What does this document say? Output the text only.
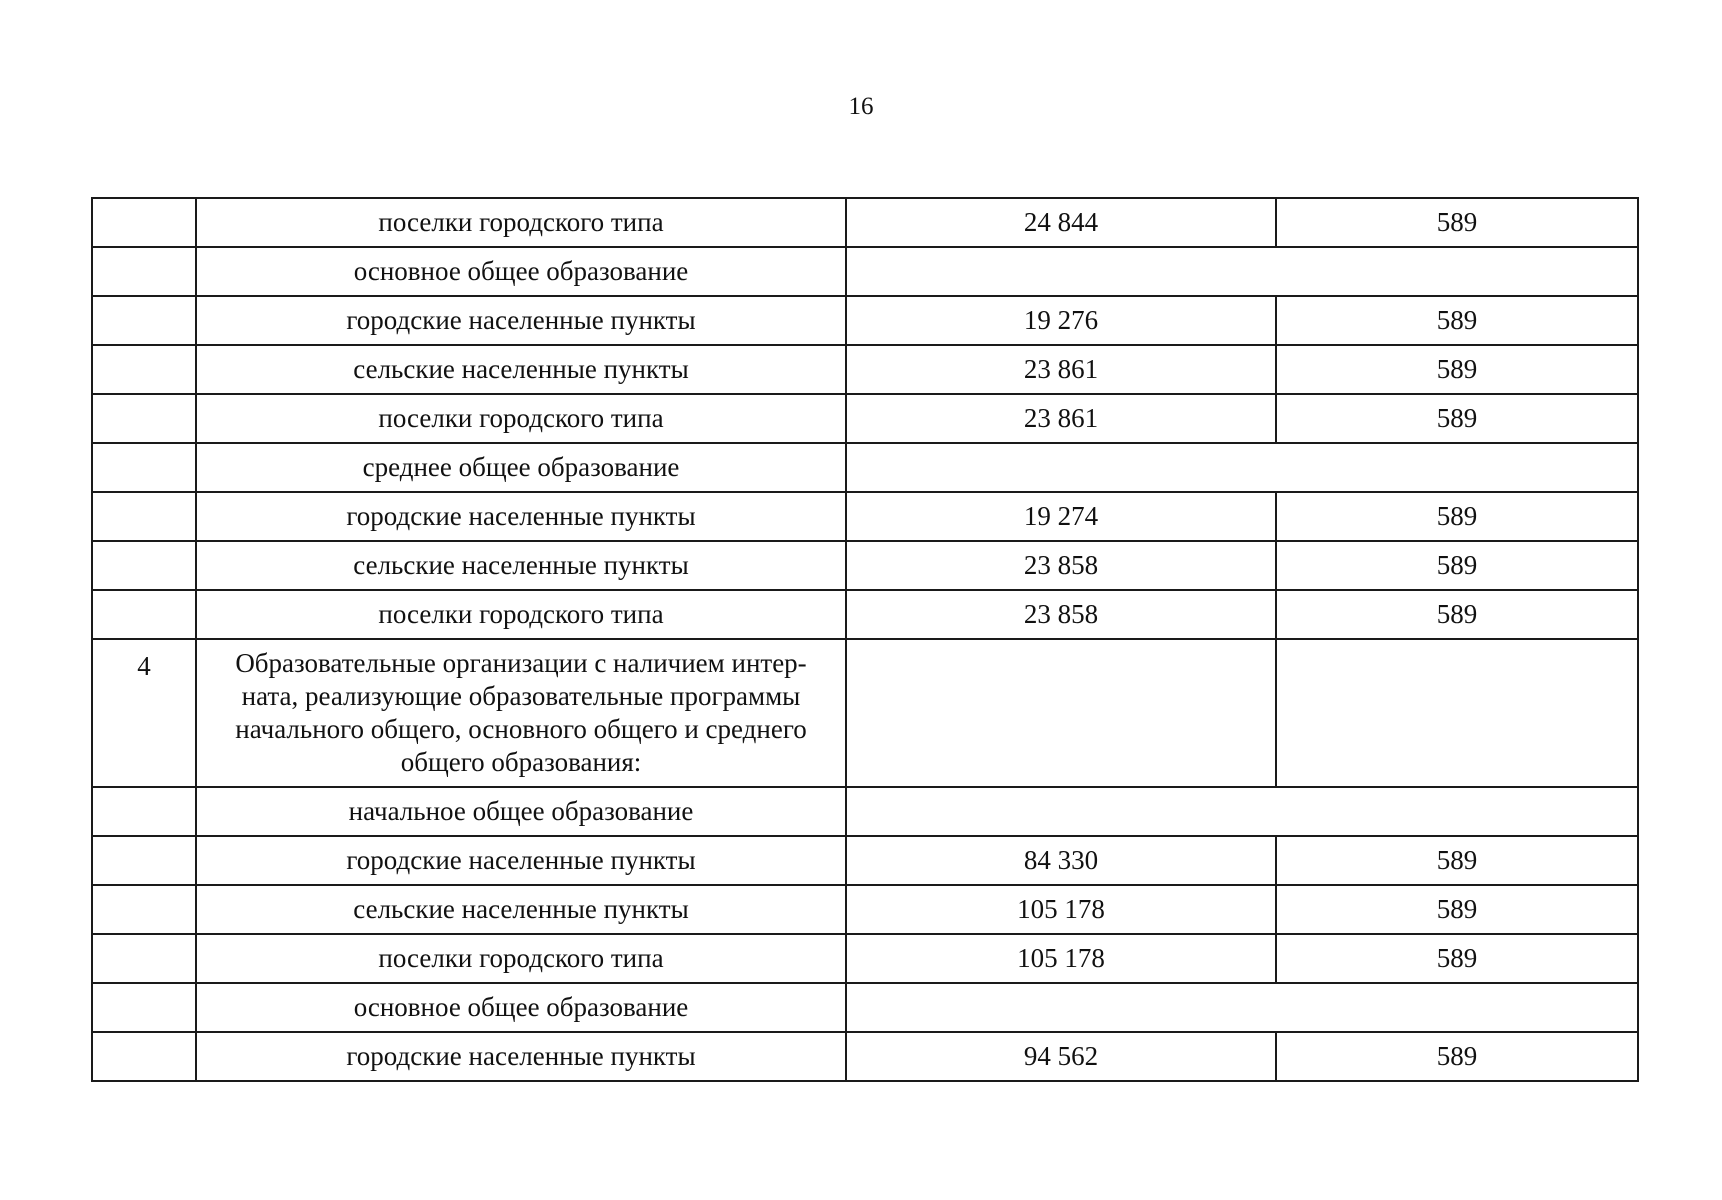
16
	поселки городского типа	24 844	589
	основное общее образование		
	городские населенные пункты	19 276	589
	сельские населенные пункты	23 861	589
	поселки городского типа	23 861	589
	среднее общее образование		
	городские населенные пункты	19 274	589
	сельские населенные пункты	23 858	589
	поселки городского типа	23 858	589
4	Образовательные организации с наличием интер-
ната, реализующие образовательные программы
начального общего, основного общего и среднего
общего образования:		
	начальное общее образование		
	городские населенные пункты	84 330	589
	сельские населенные пункты	105 178	589
	поселки городского типа	105 178	589
	основное общее образование		
	городские населенные пункты	94 562	589
